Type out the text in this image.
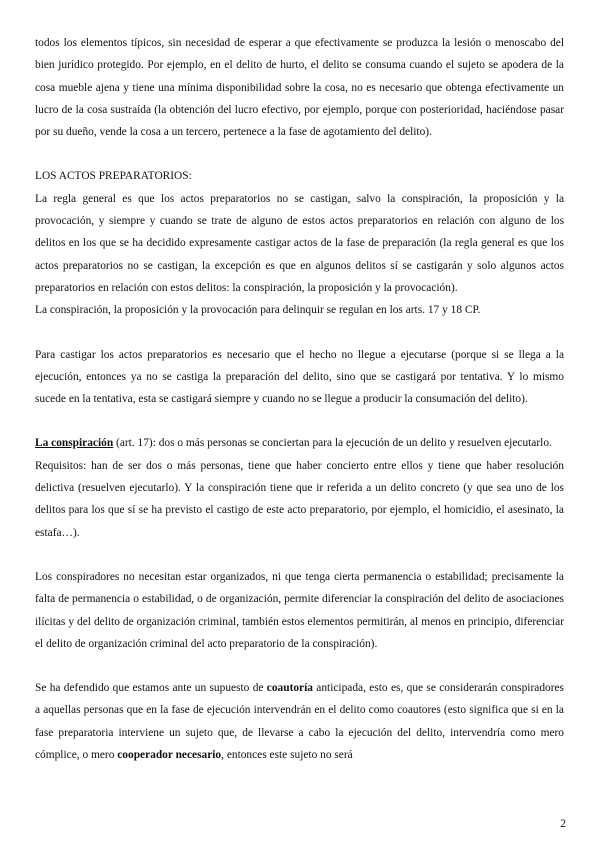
todos los elementos típicos, sin necesidad de esperar a que efectivamente se produzca la lesión o menoscabo del bien jurídico protegido. Por ejemplo, en el delito de hurto, el delito se consuma cuando el sujeto se apodera de la cosa mueble ajena y tiene una mínima disponibilidad sobre la cosa, no es necesario que obtenga efectivamente un lucro de la cosa sustraída (la obtención del lucro efectivo, por ejemplo, porque con posterioridad, haciéndose pasar por su dueño, vende la cosa a un tercero, pertenece a la fase de agotamiento del delito).

LOS ACTOS PREPARATORIOS:

La regla general es que los actos preparatorios no se castigan, salvo la conspiración, la proposición y la provocación, y siempre y cuando se trate de alguno de estos actos preparatorios en relación con alguno de los delitos en los que se ha decidido expresamente castigar actos de la fase de preparación (la regla general es que los actos preparatorios no se castigan, la excepción es que en algunos delitos sí se castigarán y solo algunos actos preparatorios en relación con estos delitos: la conspiración, la proposición y la provocación).

La conspiración, la proposición y la provocación para delinquir se regulan en los arts. 17 y 18 CP.

Para castigar los actos preparatorios es necesario que el hecho no llegue a ejecutarse (porque si se llega a la ejecución, entonces ya no se castiga la preparación del delito, sino que se castigará por tentativa. Y lo mismo sucede en la tentativa, esta se castigará siempre y cuando no se llegue a producir la consumación del delito).

La conspiración (art. 17): dos o más personas se conciertan para la ejecución de un delito y resuelven ejecutarlo.

Requisitos: han de ser dos o más personas, tiene que haber concierto entre ellos y tiene que haber resolución delictiva (resuelven ejecutarlo). Y la conspiración tiene que ir referida a un delito concreto (y que sea uno de los delitos para los que sí se ha previsto el castigo de este acto preparatorio, por ejemplo, el homicidio, el asesinato, la estafa…).

Los conspiradores no necesitan estar organizados, ni que tenga cierta permanencia o estabilidad; precisamente la falta de permanencia o estabilidad, o de organización, permite diferenciar la conspiración del delito de asociaciones ilícitas y del delito de organización criminal, también estos elementos permitirán, al menos en principio, diferenciar el delito de organización criminal del acto preparatorio de la conspiración).

Se ha defendido que estamos ante un supuesto de coautoría anticipada, esto es, que se considerarán conspiradores a aquellas personas que en la fase de ejecución intervendrán en el delito como coautores (esto significa que si en la fase preparatoria interviene un sujeto que, de llevarse a cabo la ejecución del delito, intervendría como mero cómplice, o mero cooperador necesario, entonces este sujeto no será

2
